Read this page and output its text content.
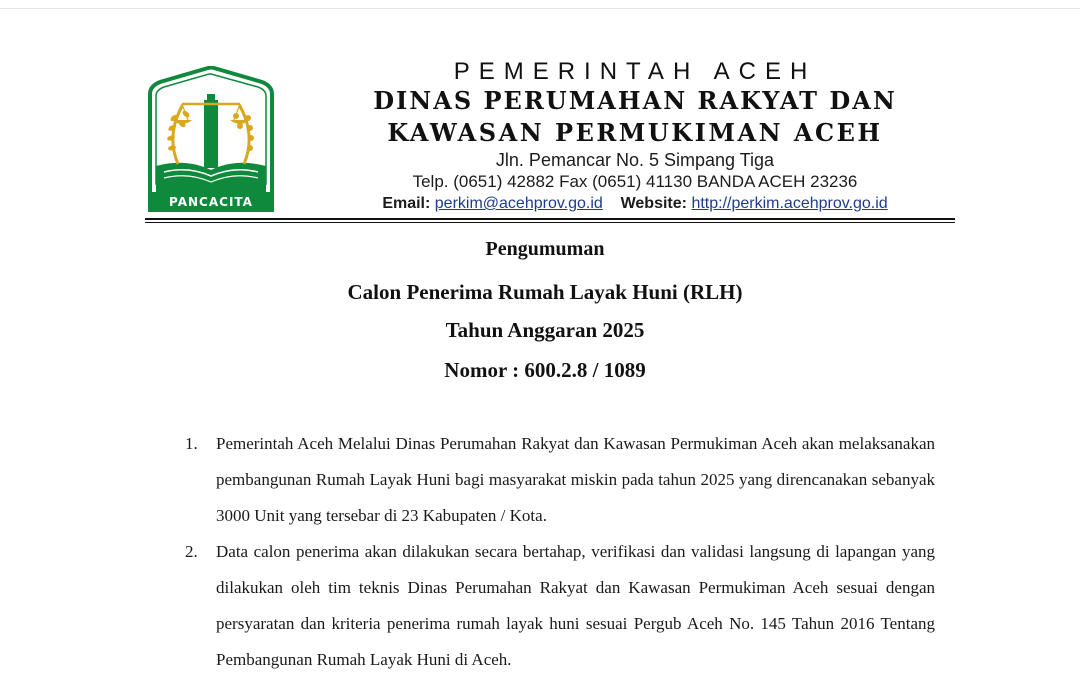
PANCACITA
PEMERINTAH ACEH
DINAS PERUMAHAN RAKYAT DAN
KAWASAN PERMUKIMAN ACEH
Jln. Pemancar No. 5 Simpang Tiga
Telp. (0651) 42882 Fax (0651) 41130 BANDA ACEH 23236
Email: perkim@acehprov.go.id Website: http://perkim.acehprov.go.id
Pengumuman
Calon Penerima Rumah Layak Huni (RLH)
Tahun Anggaran 2025
Nomor : 600.2.8 / 1089
1. Pemerintah Aceh Melalui Dinas Perumahan Rakyat dan Kawasan Permukiman Aceh akan melaksanakan pembangunan Rumah Layak Huni bagi masyarakat miskin pada tahun 2025 yang direncanakan sebanyak 3000 Unit yang tersebar di 23 Kabupaten / Kota.
2. Data calon penerima akan dilakukan secara bertahap, verifikasi dan validasi langsung di lapangan yang dilakukan oleh tim teknis Dinas Perumahan Rakyat dan Kawasan Permukiman Aceh sesuai dengan persyaratan dan kriteria penerima rumah layak huni sesuai Pergub Aceh No. 145 Tahun 2016 Tentang Pembangunan Rumah Layak Huni di Aceh.
